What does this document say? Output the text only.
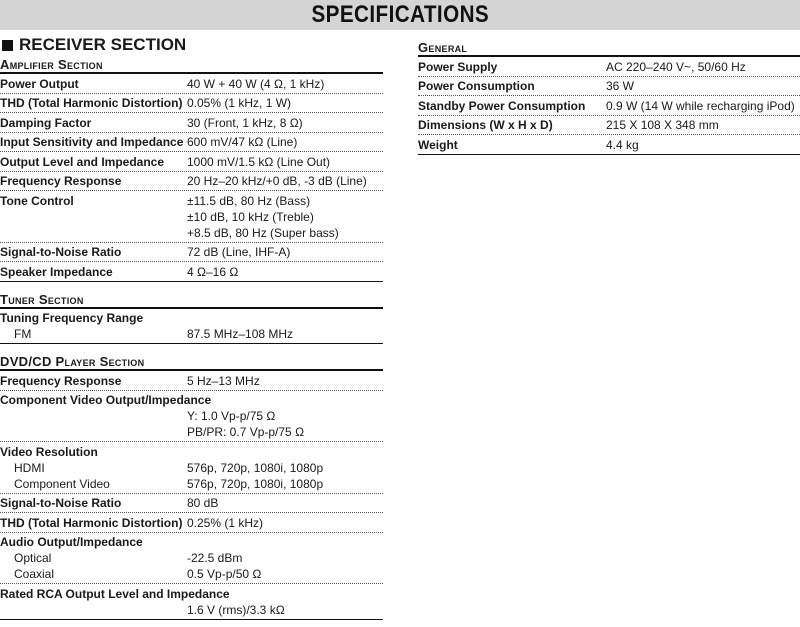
SPECIFICATIONS
RECEIVER SECTION
Amplifier Section
Power Output	40 W + 40 W (4 Ω, 1 kHz)
THD (Total Harmonic Distortion) 0.05% (1 kHz, 1 W)
Damping Factor	30 (Front, 1 kHz, 8 Ω)
Input Sensitivity and Impedance 600 mV/47 kΩ (Line)
Output Level and Impedance	1000 mV/1.5 kΩ (Line Out)
Frequency Response	20 Hz–20 kHz/+0 dB, -3 dB (Line)
Tone Control	±11.5 dB, 80 Hz (Bass)
±10 dB, 10 kHz (Treble)
+8.5 dB, 80 Hz (Super bass)
Signal-to-Noise Ratio	72 dB (Line, IHF-A)
Speaker Impedance	4 Ω–16 Ω
Tuner Section
Tuning Frequency Range
FM	87.5 MHz–108 MHz
DVD/CD Player Section
Frequency Response	5 Hz–13 MHz
Component Video Output/Impedance
Y: 1.0 Vp-p/75 Ω
PB/PR: 0.7 Vp-p/75 Ω
Video Resolution
HDMI	576p, 720p, 1080i, 1080p
Component Video	576p, 720p, 1080i, 1080p
Signal-to-Noise Ratio	80 dB
THD (Total Harmonic Distortion) 0.25% (1 kHz)
Audio Output/Impedance
Optical	-22.5 dBm
Coaxial	0.5 Vp-p/50 Ω
Rated RCA Output Level and Impedance
1.6 V (rms)/3.3 kΩ
General
Power Supply	AC 220–240 V~, 50/60 Hz
Power Consumption	36 W
Standby Power Consumption	0.9 W (14 W while recharging iPod)
Dimensions (W x H x D)	215 X 108 X 348 mm
Weight	4.4 kg
